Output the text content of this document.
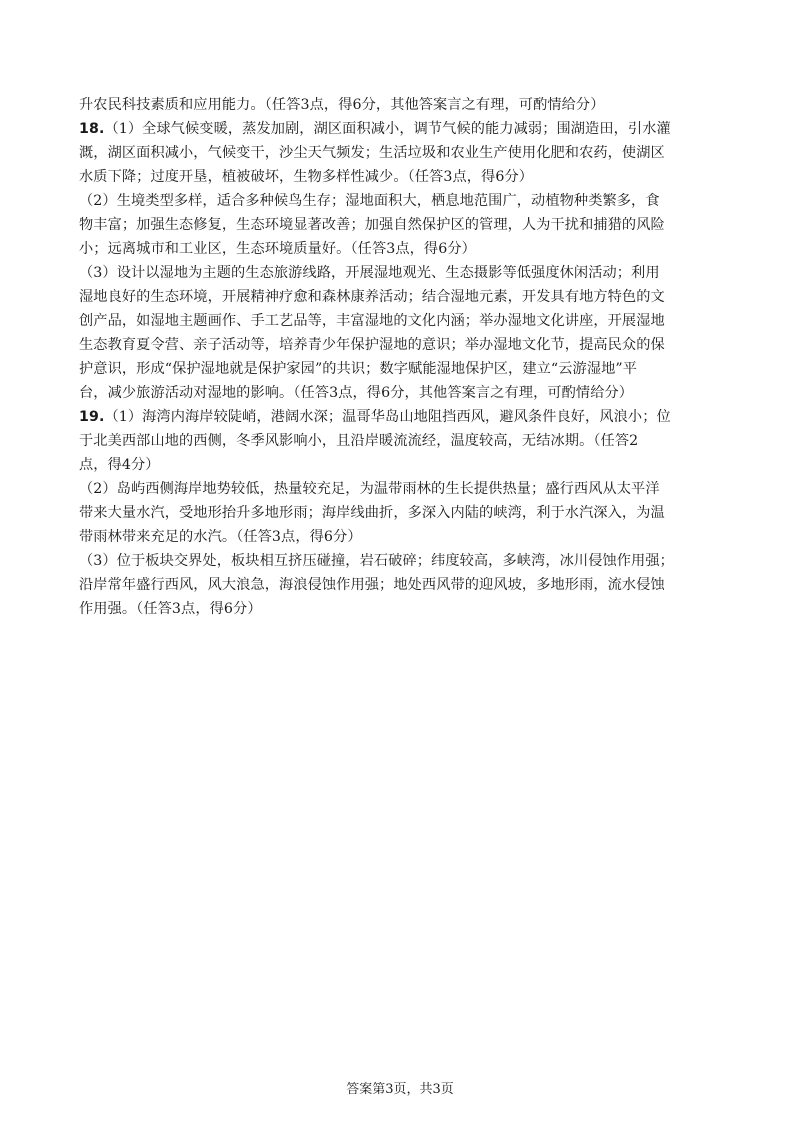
升农民科技素质和应用能力。（任答3点，得6分，其他答案言之有理，可酌情给分）
18.（1）全球气候变暖，蒸发加剧，湖区面积减小，调节气候的能力减弱；围湖造田，引水灌
溉，湖区面积减小，气候变干，沙尘天气频发；生活垃圾和农业生产使用化肥和农药，使湖区
水质下降；过度开垦，植被破坏，生物多样性减少。（任答3点，得6分）
（2）生境类型多样，适合多种候鸟生存；湿地面积大，栖息地范围广，动植物种类繁多，食
物丰富；加强生态修复，生态环境显著改善；加强自然保护区的管理，人为干扰和捕猎的风险
小；远离城市和工业区，生态环境质量好。（任答3点，得6分）
（3）设计以湿地为主题的生态旅游线路，开展湿地观光、生态摄影等低强度休闲活动；利用
湿地良好的生态环境，开展精神疗愈和森林康养活动；结合湿地元素，开发具有地方特色的文
创产品，如湿地主题画作、手工艺品等，丰富湿地的文化内涵；举办湿地文化讲座，开展湿地
生态教育夏令营、亲子活动等，培养青少年保护湿地的意识；举办湿地文化节，提高民众的保
护意识，形成“保护湿地就是保护家园”的共识；数字赋能湿地保护区，建立“云游湿地”平
台，减少旅游活动对湿地的影响。（任答3点，得6分，其他答案言之有理，可酌情给分）
19.（1）海湾内海岸较陡峭，港阔水深；温哥华岛山地阻挡西风，避风条件良好，风浪小；位
于北美西部山地的西侧，冬季风影响小，且沿岸暖流流经，温度较高，无结冰期。（任答2
点，得4分）
（2）岛屿西侧海岸地势较低，热量较充足，为温带雨林的生长提供热量；盛行西风从太平洋
带来大量水汽，受地形抬升多地形雨；海岸线曲折，多深入内陆的峡湾，利于水汽深入，为温
带雨林带来充足的水汽。（任答3点，得6分）
（3）位于板块交界处，板块相互挤压碰撞，岩石破碎；纬度较高，多峡湾，冰川侵蚀作用强；
沿岸常年盛行西风，风大浪急，海浪侵蚀作用强；地处西风带的迎风坡，多地形雨，流水侵蚀
作用强。（任答3点，得6分）
答案第3页，共3页
